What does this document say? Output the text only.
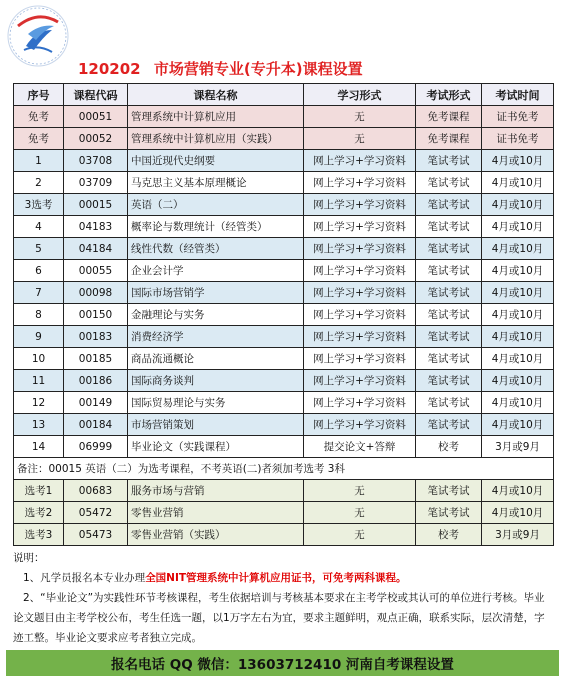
120202 市场营销专业(专升本)课程设置
序号	课程代码	课程名称	学习形式	考试形式	考试时间
免考	00051	管理系统中计算机应用	无	免考课程	证书免考
免考	00052	管理系统中计算机应用（实践）	无	免考课程	证书免考
1	03708	中国近现代史纲要	网上学习+学习资料	笔试考试	4月或10月
2	03709	马克思主义基本原理概论	网上学习+学习资料	笔试考试	4月或10月
3选考	00015	英语（二）	网上学习+学习资料	笔试考试	4月或10月
4	04183	概率论与数理统计（经管类）	网上学习+学习资料	笔试考试	4月或10月
5	04184	线性代数（经管类）	网上学习+学习资料	笔试考试	4月或10月
6	00055	企业会计学	网上学习+学习资料	笔试考试	4月或10月
7	00098	国际市场营销学	网上学习+学习资料	笔试考试	4月或10月
8	00150	金融理论与实务	网上学习+学习资料	笔试考试	4月或10月
9	00183	消费经济学	网上学习+学习资料	笔试考试	4月或10月
10	00185	商品流通概论	网上学习+学习资料	笔试考试	4月或10月
11	00186	国际商务谈判	网上学习+学习资料	笔试考试	4月或10月
12	00149	国际贸易理论与实务	网上学习+学习资料	笔试考试	4月或10月
13	00184	市场营销策划	网上学习+学习资料	笔试考试	4月或10月
14	06999	毕业论文（实践课程）	提交论文+答辩	校考	3月或9月
备注：00015 英语（二）为选考课程，不考英语(二)者须加考选考 3科					
选考1	00683	服务市场与营销	无	笔试考试	4月或10月
选考2	05472	零售业营销	无	笔试考试	4月或10月
选考3	05473	零售业营销（实践）	无	校考	3月或9月
说明：
1、凡学员报名本专业办理全国NIT管理系统中计算机应用证书，可免考两科课程。
2、“毕业论文”为实践性环节考核课程，考生依据培训与考核基本要求在主考学校或其认可的单位进行考核。毕业论文题目由主考学校公布，考生任选一题，以1万字左右为宜，要求主题鲜明，观点正确，联系实际，层次清楚，字迹工整。毕业论文要求应考者独立完成。
报名电话 QQ 微信：13603712410 河南自考课程设置
